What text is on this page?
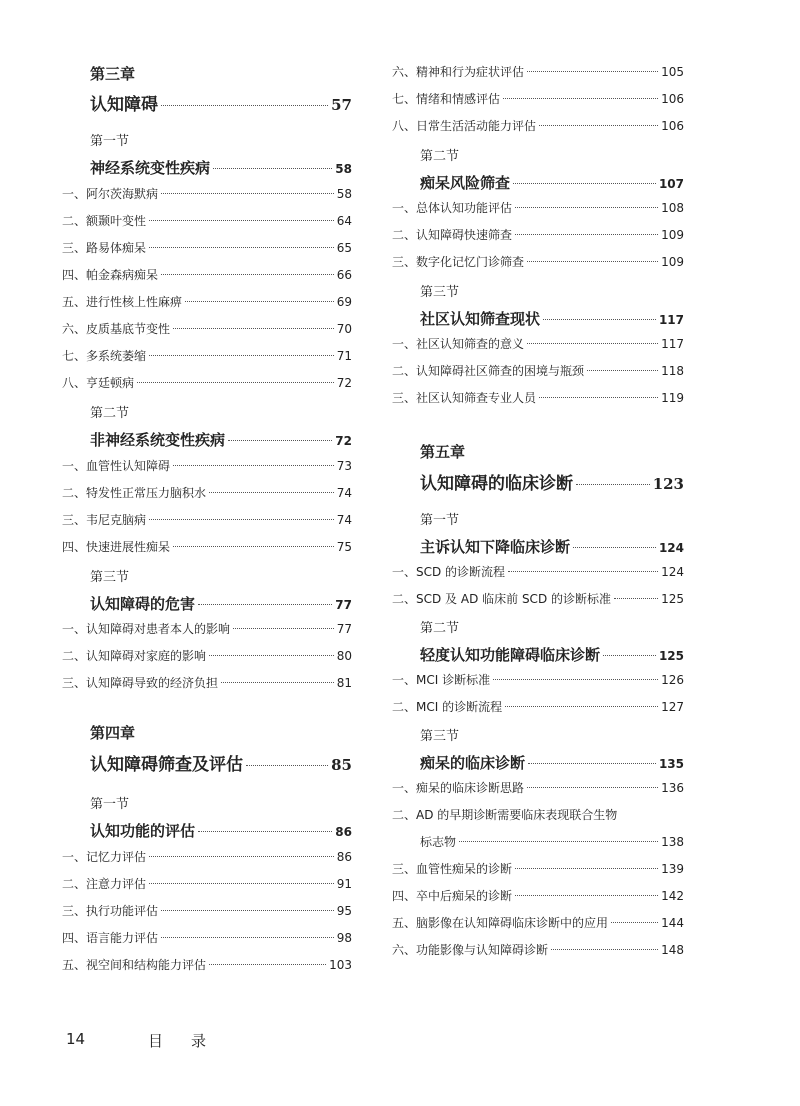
第三章
认知障碍	57
第一节
神经系统变性疾病	58
一、阿尔茨海默病	58
二、额颞叶变性	64
三、路易体痴呆	65
四、帕金森病痴呆	66
五、进行性核上性麻痹	69
六、皮质基底节变性	70
七、多系统萎缩	71
八、亨廷顿病	72
第二节
非神经系统变性疾病	72
一、血管性认知障碍	73
二、特发性正常压力脑积水	74
三、韦尼克脑病	74
四、快速进展性痴呆	75
第三节
认知障碍的危害	77
一、认知障碍对患者本人的影响	77
二、认知障碍对家庭的影响	80
三、认知障碍导致的经济负担	81
第四章
认知障碍筛查及评估	85
第一节
认知功能的评估	86
一、记忆力评估	86
二、注意力评估	91
三、执行功能评估	95
四、语言能力评估	98
五、视空间和结构能力评估	103
六、精神和行为症状评估	105
七、情绪和情感评估	106
八、日常生活活动能力评估	106
第二节
痴呆风险筛查	107
一、总体认知功能评估	108
二、认知障碍快速筛查	109
三、数字化记忆门诊筛查	109
第三节
社区认知筛查现状	117
一、社区认知筛查的意义	117
二、认知障碍社区筛查的困境与瓶颈	118
三、社区认知筛查专业人员	119
第五章
认知障碍的临床诊断	123
第一节
主诉认知下降临床诊断	124
一、SCD 的诊断流程	124
二、SCD 及 AD 临床前 SCD 的诊断标准	125
第二节
轻度认知功能障碍临床诊断	125
一、MCI 诊断标准	126
二、MCI 的诊断流程	127
第三节
痴呆的临床诊断	135
一、痴呆的临床诊断思路	136
二、AD 的早期诊断需要临床表现联合生物
标志物	138
三、血管性痴呆的诊断	139
四、卒中后痴呆的诊断	142
五、脑影像在认知障碍临床诊断中的应用	144
六、功能影像与认知障碍诊断	148
14	目录
